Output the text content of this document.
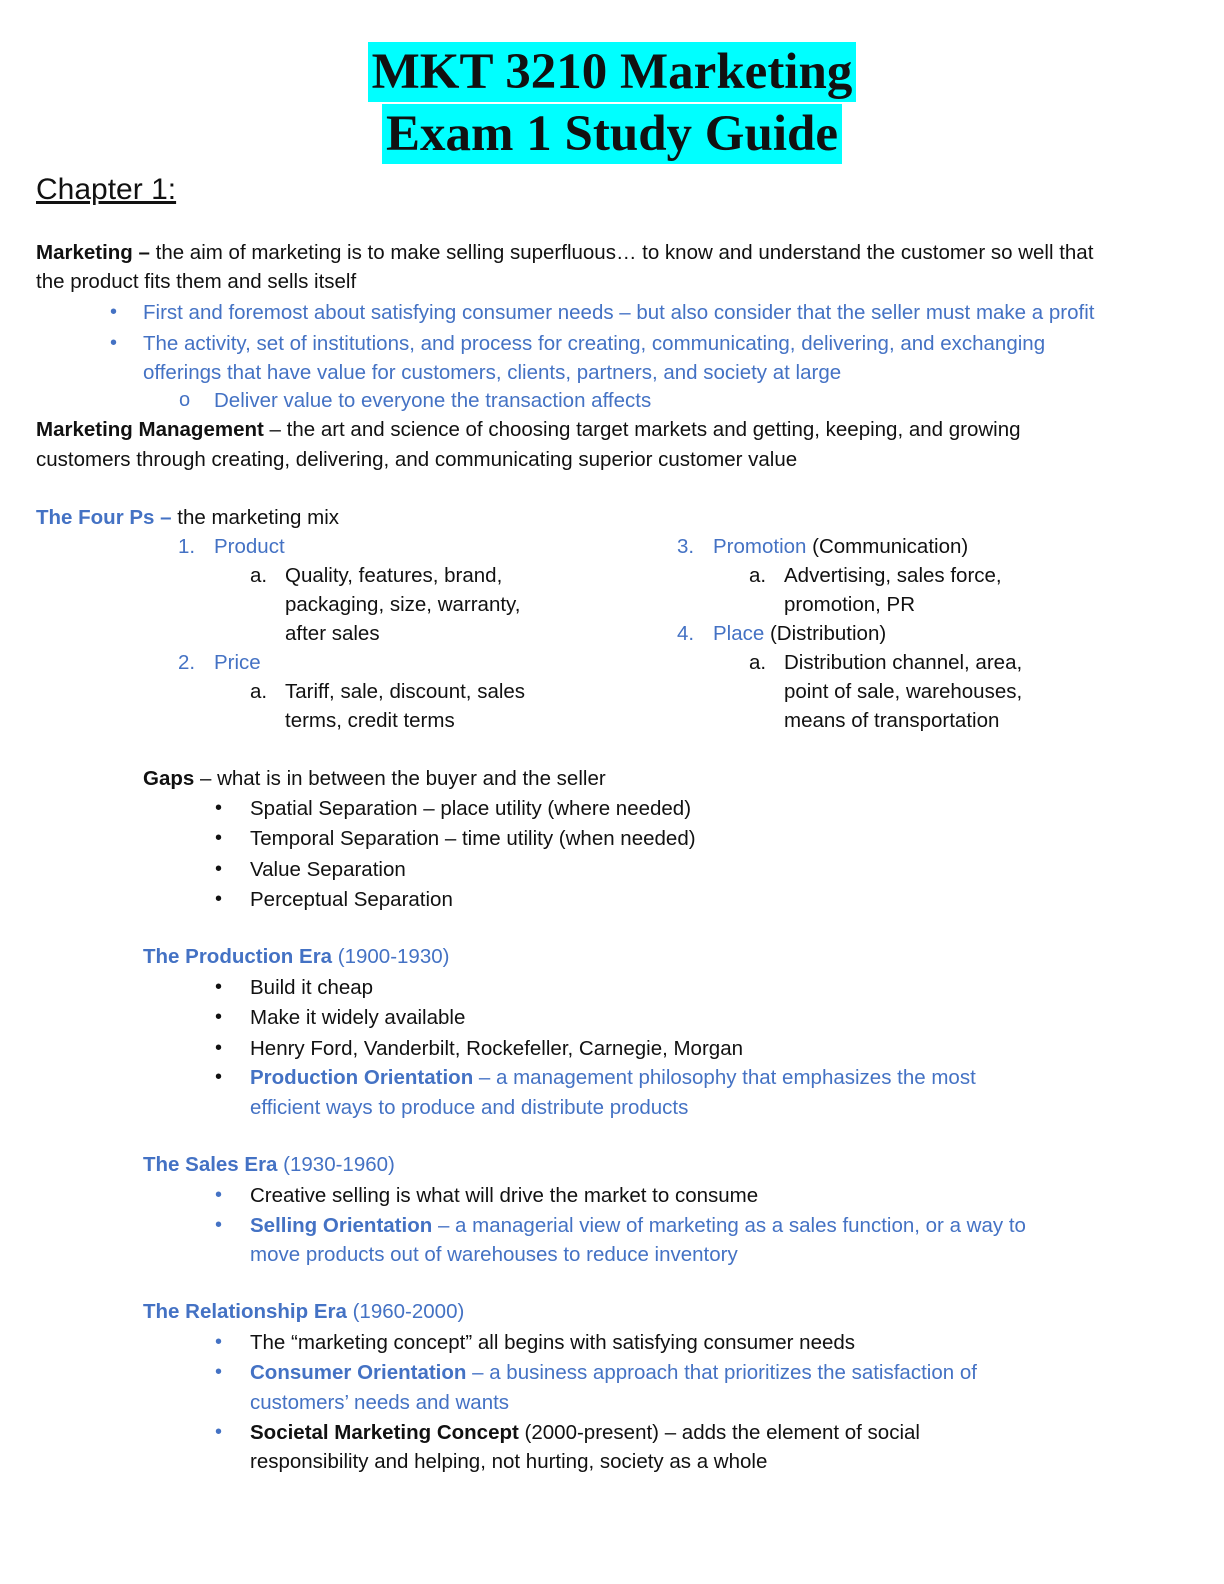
MKT 3210 Marketing
Exam 1 Study Guide
Chapter 1:
Marketing – the aim of marketing is to make selling superfluous… to know and understand the customer so well that
the product fits them and sells itself
• First and foremost about satisfying consumer needs – but also consider that the seller must make a profit
• The activity, set of institutions, and process for creating, communicating, delivering, and exchanging
offerings that have value for customers, clients, partners, and society at large
o Deliver value to everyone the transaction affects
Marketing Management – the art and science of choosing target markets and getting, keeping, and growing
customers through creating, delivering, and communicating superior customer value
The Four Ps – the marketing mix
1. Product
a. Quality, features, brand,
packaging, size, warranty,
after sales
2. Price
a. Tariff, sale, discount, sales
terms, credit terms
3. Promotion (Communication)
a. Advertising, sales force,
promotion, PR
4. Place (Distribution)
a. Distribution channel, area,
point of sale, warehouses,
means of transportation
Gaps – what is in between the buyer and the seller
• Spatial Separation – place utility (where needed)
• Temporal Separation – time utility (when needed)
• Value Separation
• Perceptual Separation
The Production Era (1900-1930)
• Build it cheap
• Make it widely available
• Henry Ford, Vanderbilt, Rockefeller, Carnegie, Morgan
• Production Orientation – a management philosophy that emphasizes the most
efficient ways to produce and distribute products
The Sales Era (1930-1960)
• Creative selling is what will drive the market to consume
• Selling Orientation – a managerial view of marketing as a sales function, or a way to
move products out of warehouses to reduce inventory
The Relationship Era (1960-2000)
• The “marketing concept” all begins with satisfying consumer needs
• Consumer Orientation – a business approach that prioritizes the satisfaction of
customers’ needs and wants
• Societal Marketing Concept (2000-present) – adds the element of social
responsibility and helping, not hurting, society as a whole
